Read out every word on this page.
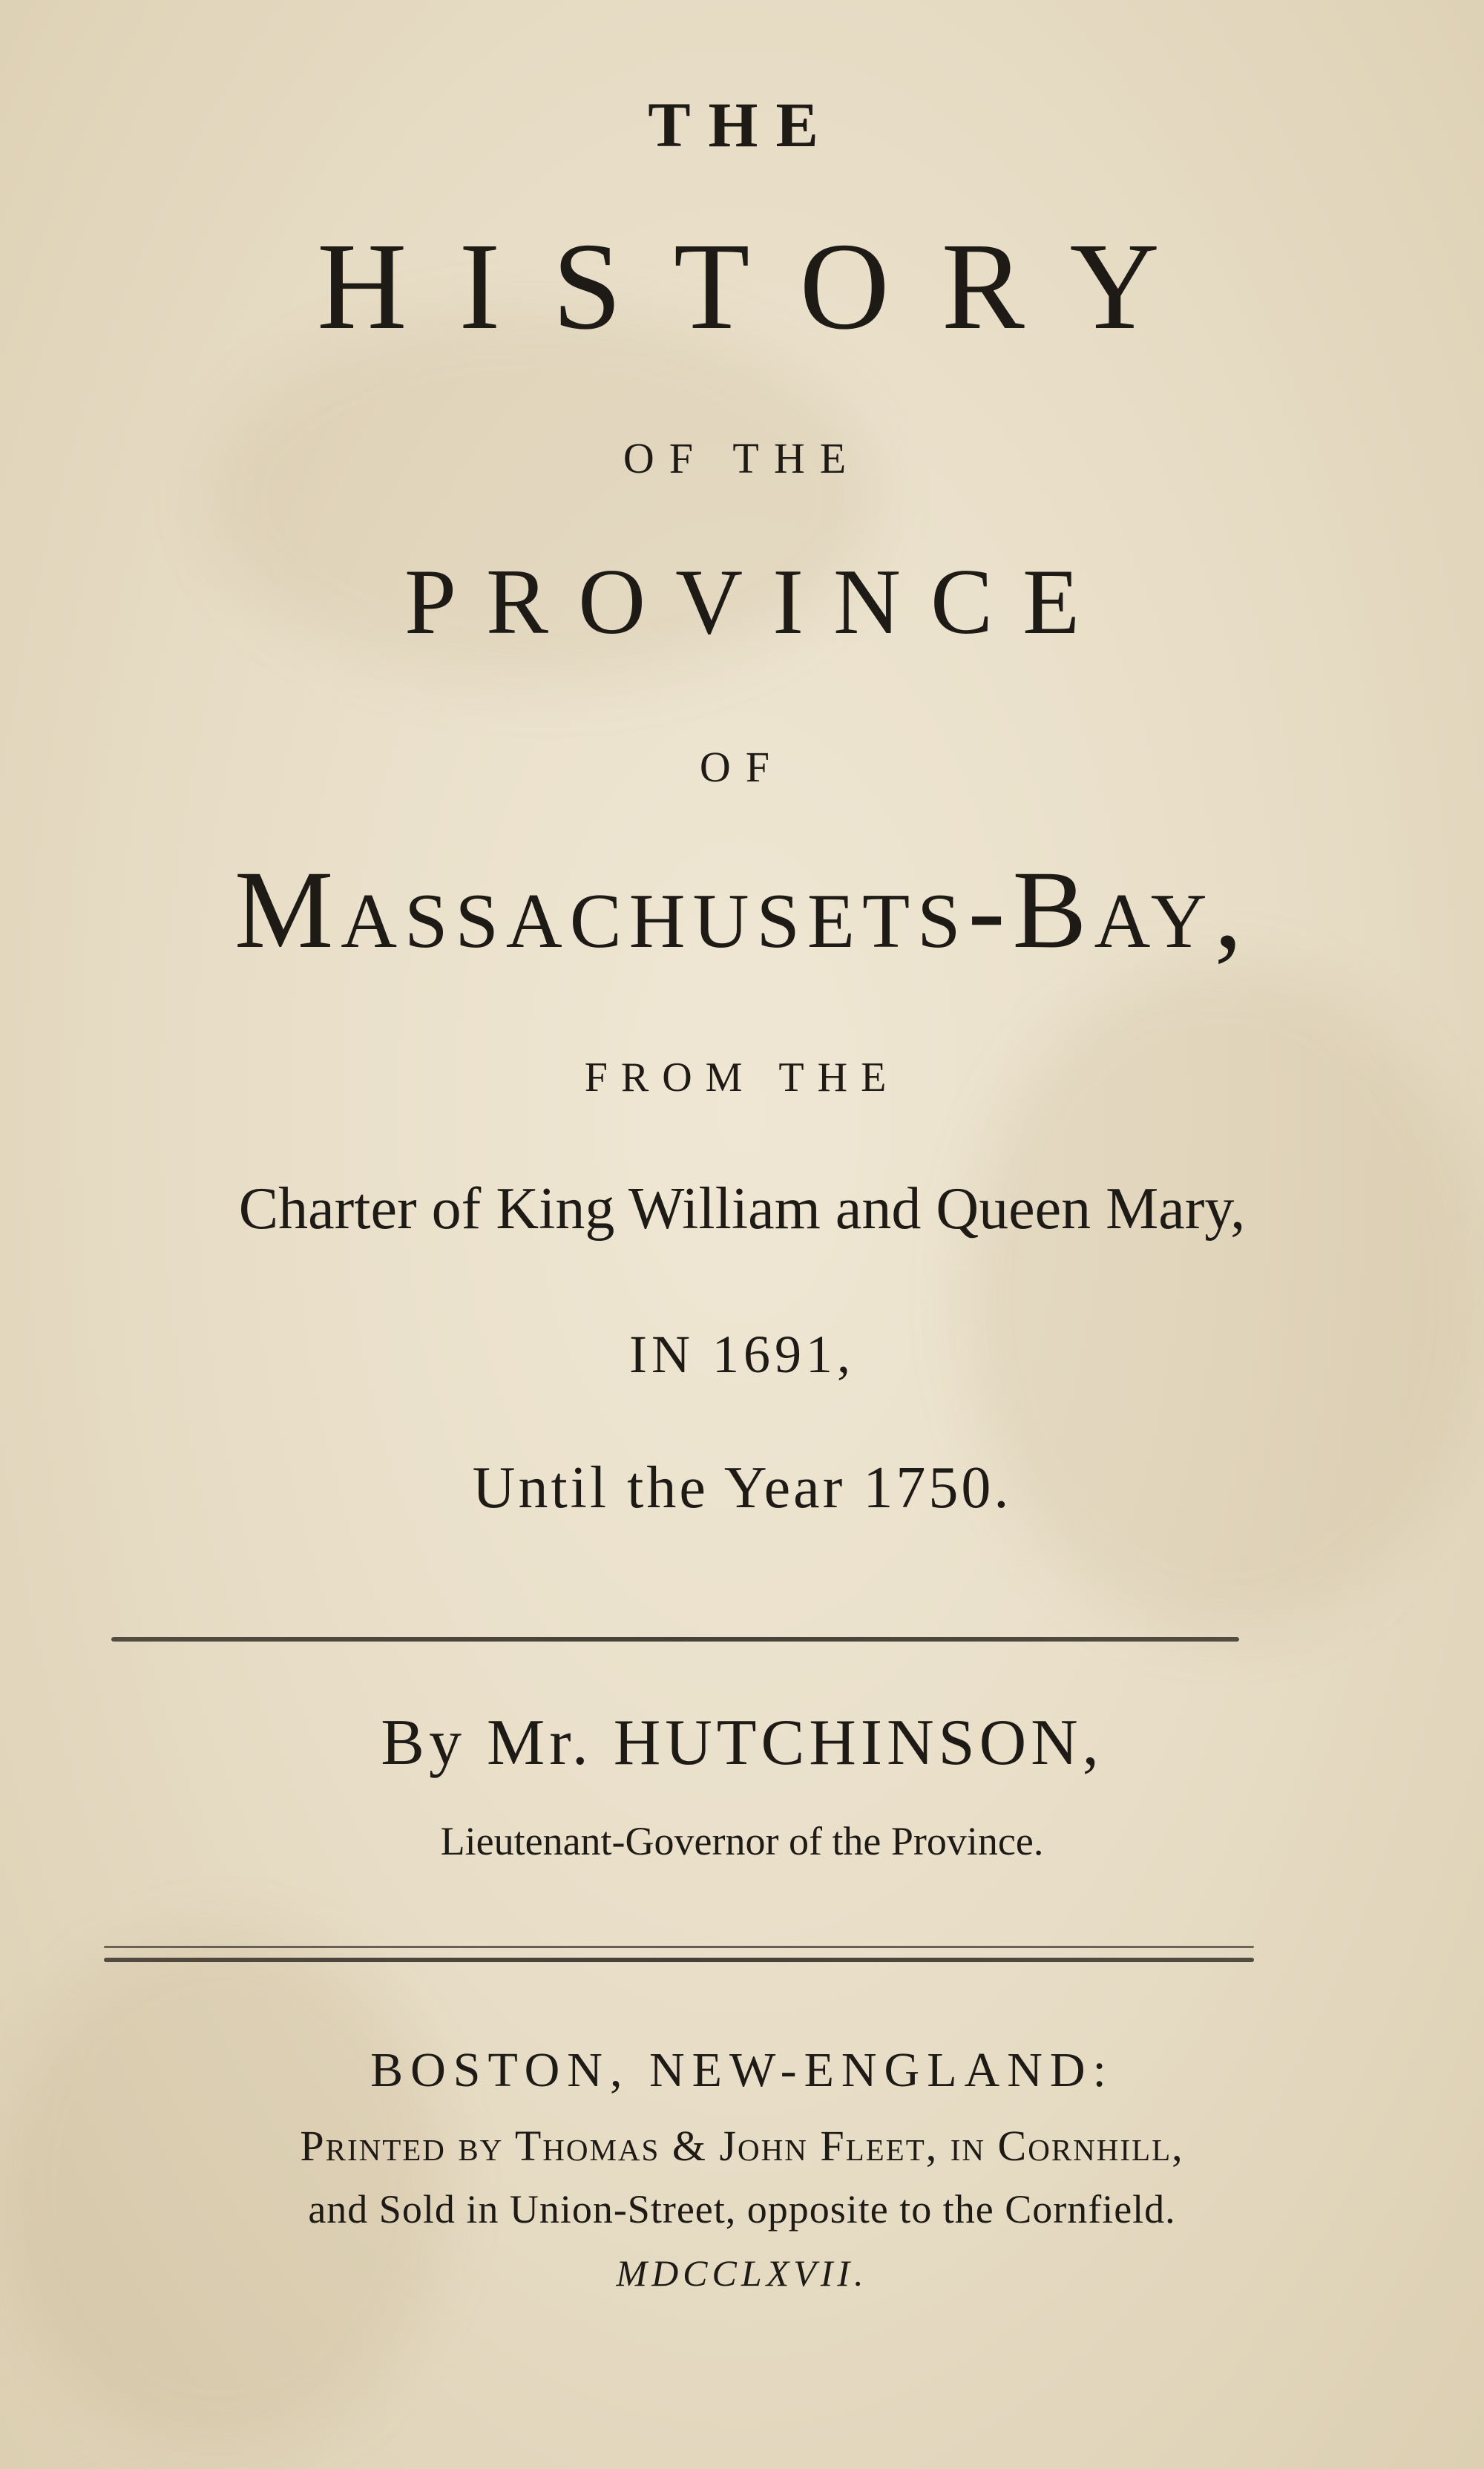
THE
HISTORY
OF THE
PROVINCE
OF
Massachusets-Bay,
FROM THE
Charter of King William and Queen Mary,
IN 1691,
Until the Year 1750.
By Mr. HUTCHINSON,
Lieutenant-Governor of the Province.
BOSTON, NEW-ENGLAND:
Printed by Thomas & John Fleet, in Cornhill,
and Sold in Union-Street, opposite to the Cornfield.
MDCCLXVII.
